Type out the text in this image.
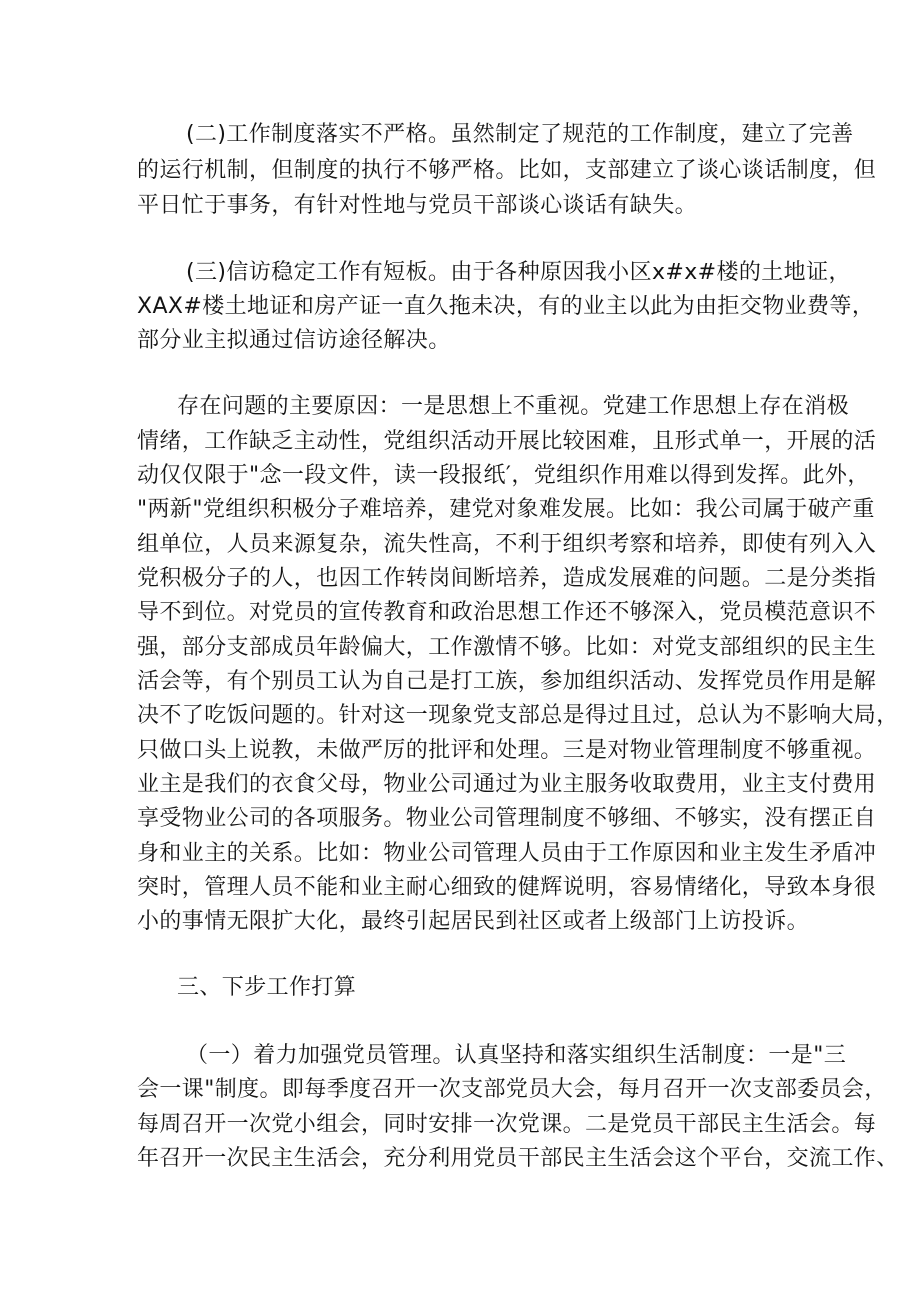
(二)工作制度落实不严格。虽然制定了规范的工作制度，建立了完善
的运行机制，但制度的执行不够严格。比如，支部建立了谈心谈话制度，但
平日忙于事务，有针对性地与党员干部谈心谈话有缺失。
(三)信访稳定工作有短板。由于各种原因我小区x#x#楼的土地证，
XAX#楼土地证和房产证一直久拖未决，有的业主以此为由拒交物业费等，
部分业主拟通过信访途径解决。
存在问题的主要原因：一是思想上不重视。党建工作思想上存在消极
情绪，工作缺乏主动性，党组织活动开展比较困难，且形式单一，开展的活
动仅仅限于"念一段文件，读一段报纸′，党组织作用难以得到发挥。此外，
"两新"党组织积极分子难培养，建党对象难发展。比如：我公司属于破产重
组单位，人员来源复杂，流失性高，不利于组织考察和培养，即使有列入入
党积极分子的人，也因工作转岗间断培养，造成发展难的问题。二是分类指
导不到位。对党员的宣传教育和政治思想工作还不够深入，党员模范意识不
强，部分支部成员年龄偏大，工作激情不够。比如：对党支部组织的民主生
活会等，有个别员工认为自己是打工族，参加组织活动、发挥党员作用是解
决不了吃饭问题的。针对这一现象党支部总是得过且过，总认为不影响大局，
只做口头上说教，未做严厉的批评和处理。三是对物业管理制度不够重视。
业主是我们的衣食父母，物业公司通过为业主服务收取费用，业主支付费用
享受物业公司的各项服务。物业公司管理制度不够细、不够实，没有摆正自
身和业主的关系。比如：物业公司管理人员由于工作原因和业主发生矛盾冲
突时，管理人员不能和业主耐心细致的健辉说明，容易情绪化，导致本身很
小的事情无限扩大化，最终引起居民到社区或者上级部门上访投诉。
三、下步工作打算
（一）着力加强党员管理。认真坚持和落实组织生活制度：一是"三
会一课"制度。即每季度召开一次支部党员大会，每月召开一次支部委员会，
每周召开一次党小组会，同时安排一次党课。二是党员干部民主生活会。每
年召开一次民主生活会，充分利用党员干部民主生活会这个平台，交流工作、
